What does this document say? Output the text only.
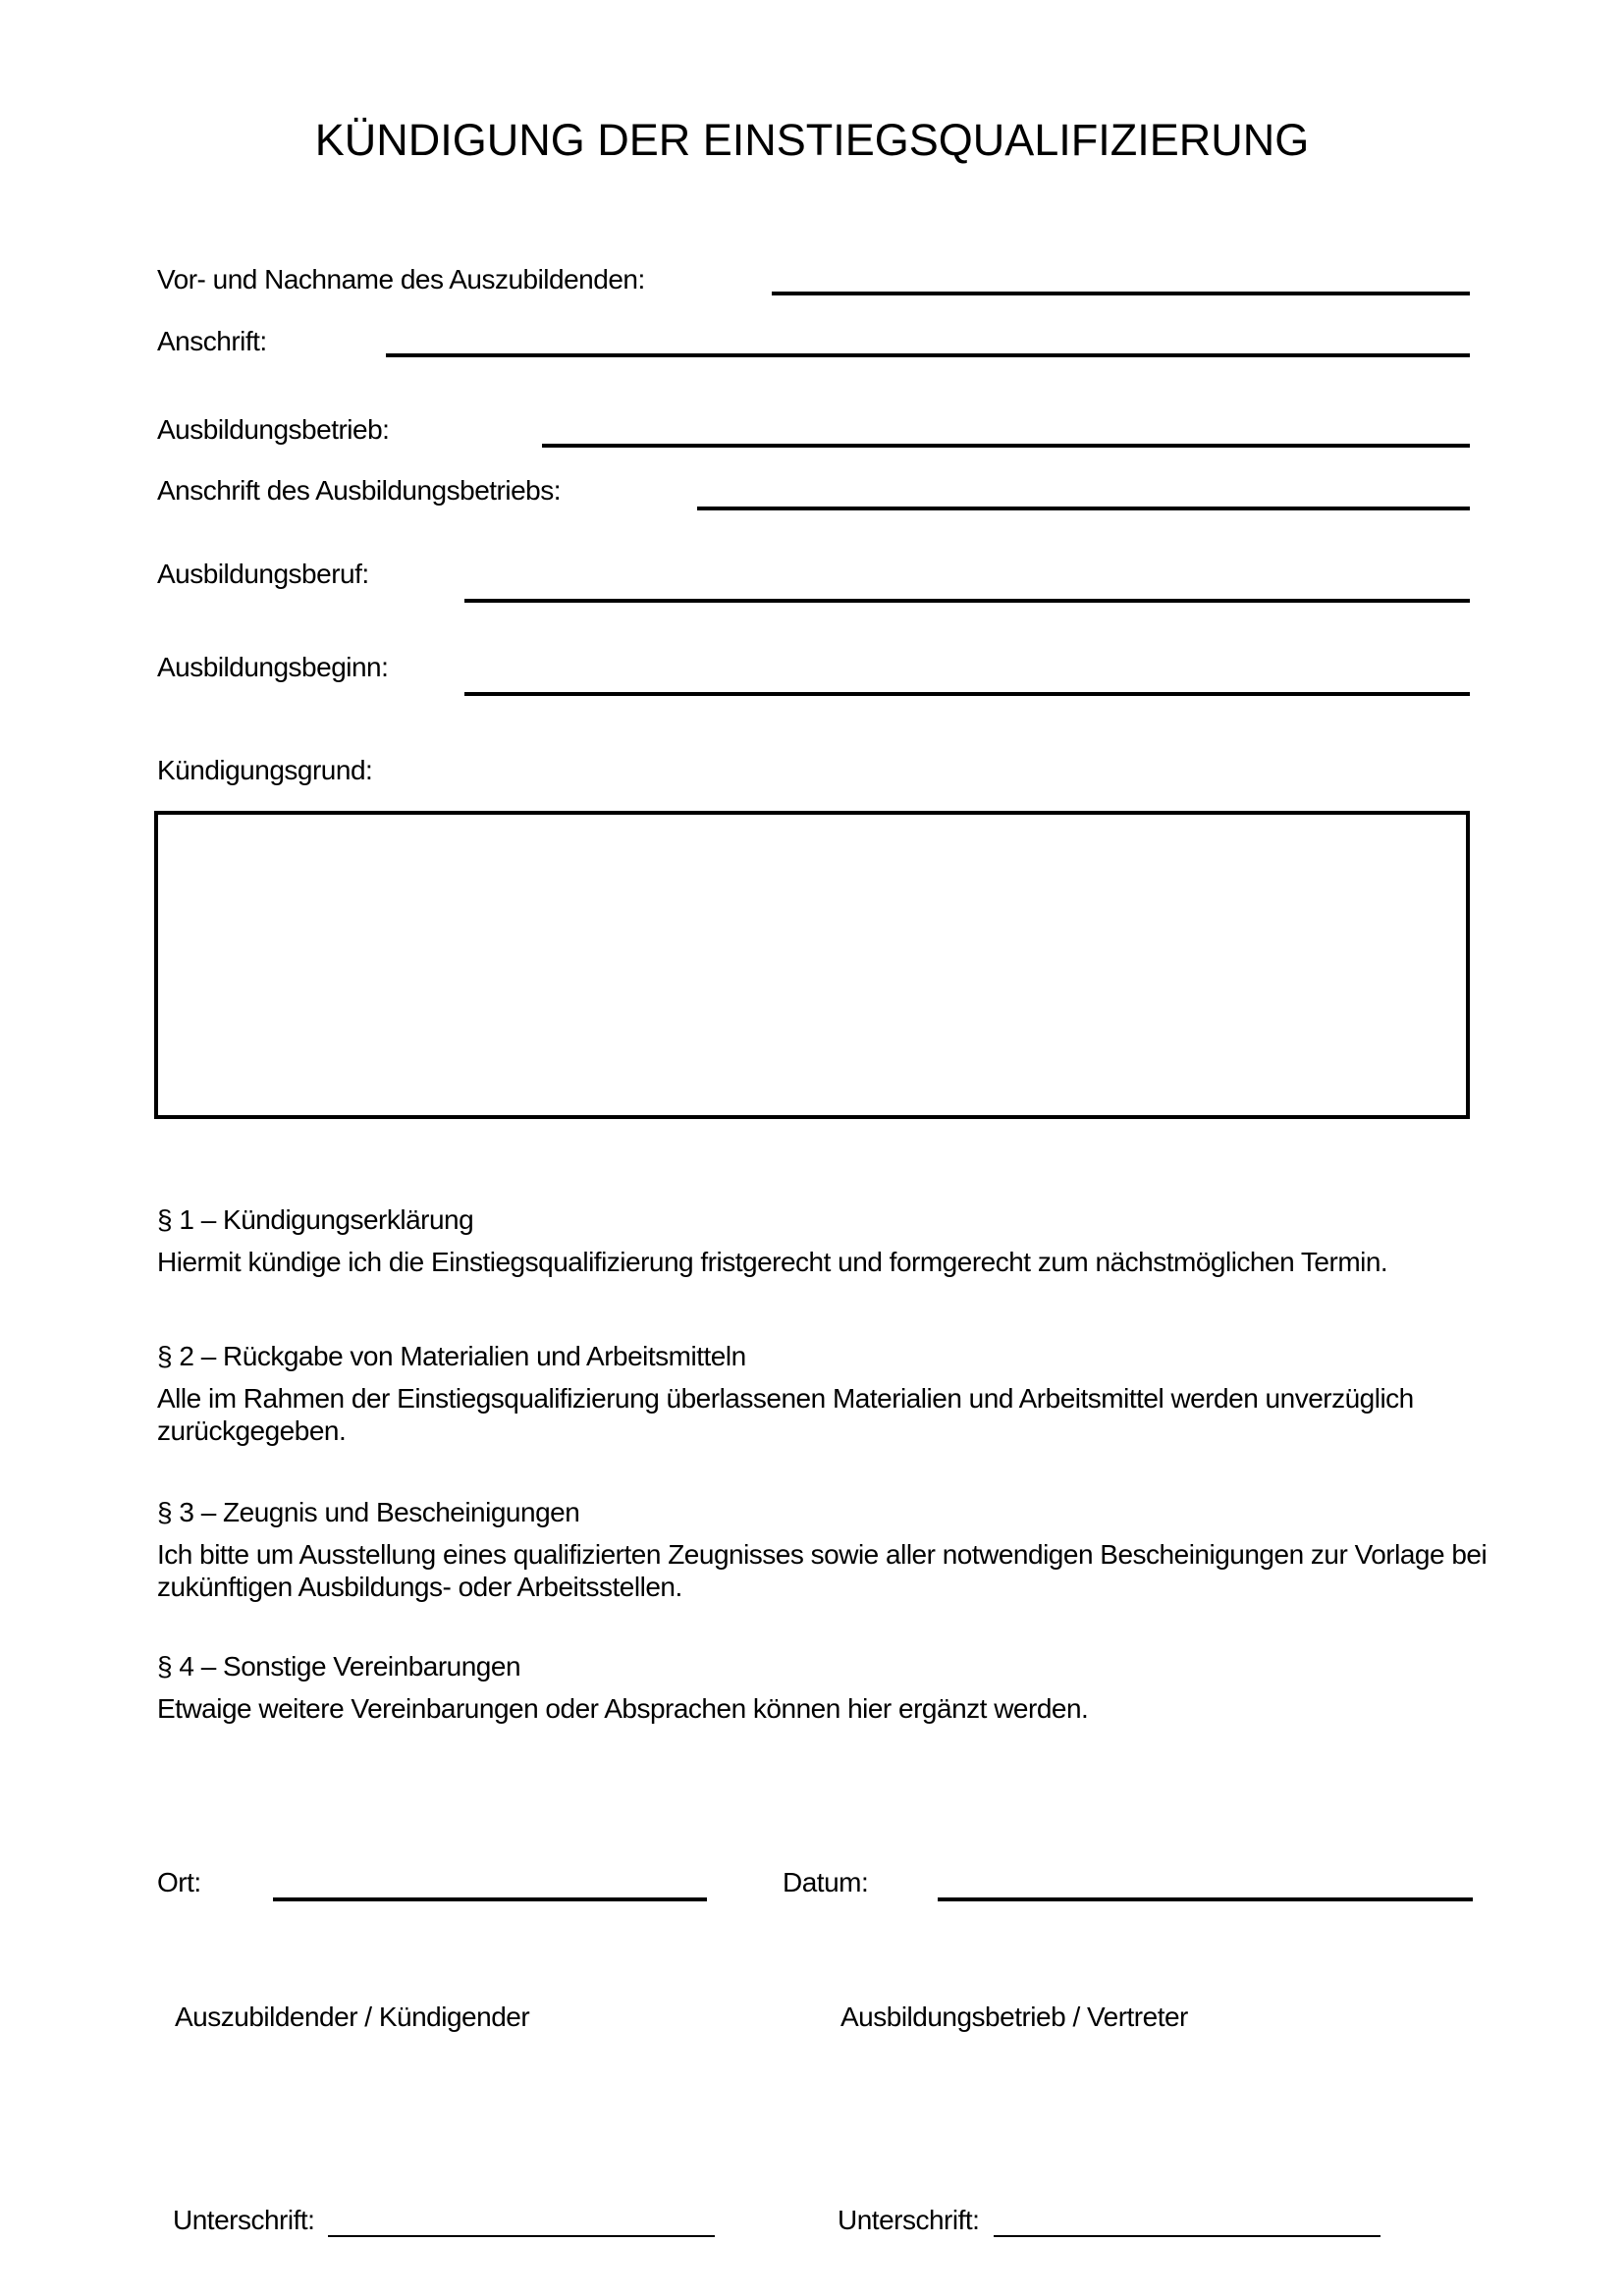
KÜNDIGUNG DER EINSTIEGSQUALIFIZIERUNG
Vor- und Nachname des Auszubildenden:
Anschrift:
Ausbildungsbetrieb:
Anschrift des Ausbildungsbetriebs:
Ausbildungsberuf:
Ausbildungsbeginn:
Kündigungsgrund:
§ 1 – Kündigungserklärung
Hiermit kündige ich die Einstiegsqualifizierung fristgerecht und formgerecht zum nächstmöglichen Termin.
§ 2 – Rückgabe von Materialien und Arbeitsmitteln
Alle im Rahmen der Einstiegsqualifizierung überlassenen Materialien und Arbeitsmittel werden unverzüglich zurückgegeben.
§ 3 – Zeugnis und Bescheinigungen
Ich bitte um Ausstellung eines qualifizierten Zeugnisses sowie aller notwendigen Bescheinigungen zur Vorlage bei zukünftigen Ausbildungs- oder Arbeitsstellen.
§ 4 – Sonstige Vereinbarungen
Etwaige weitere Vereinbarungen oder Absprachen können hier ergänzt werden.
Ort:	Datum:
Auszubildender / Kündigender	Ausbildungsbetrieb / Vertreter
Unterschrift:	Unterschrift:
